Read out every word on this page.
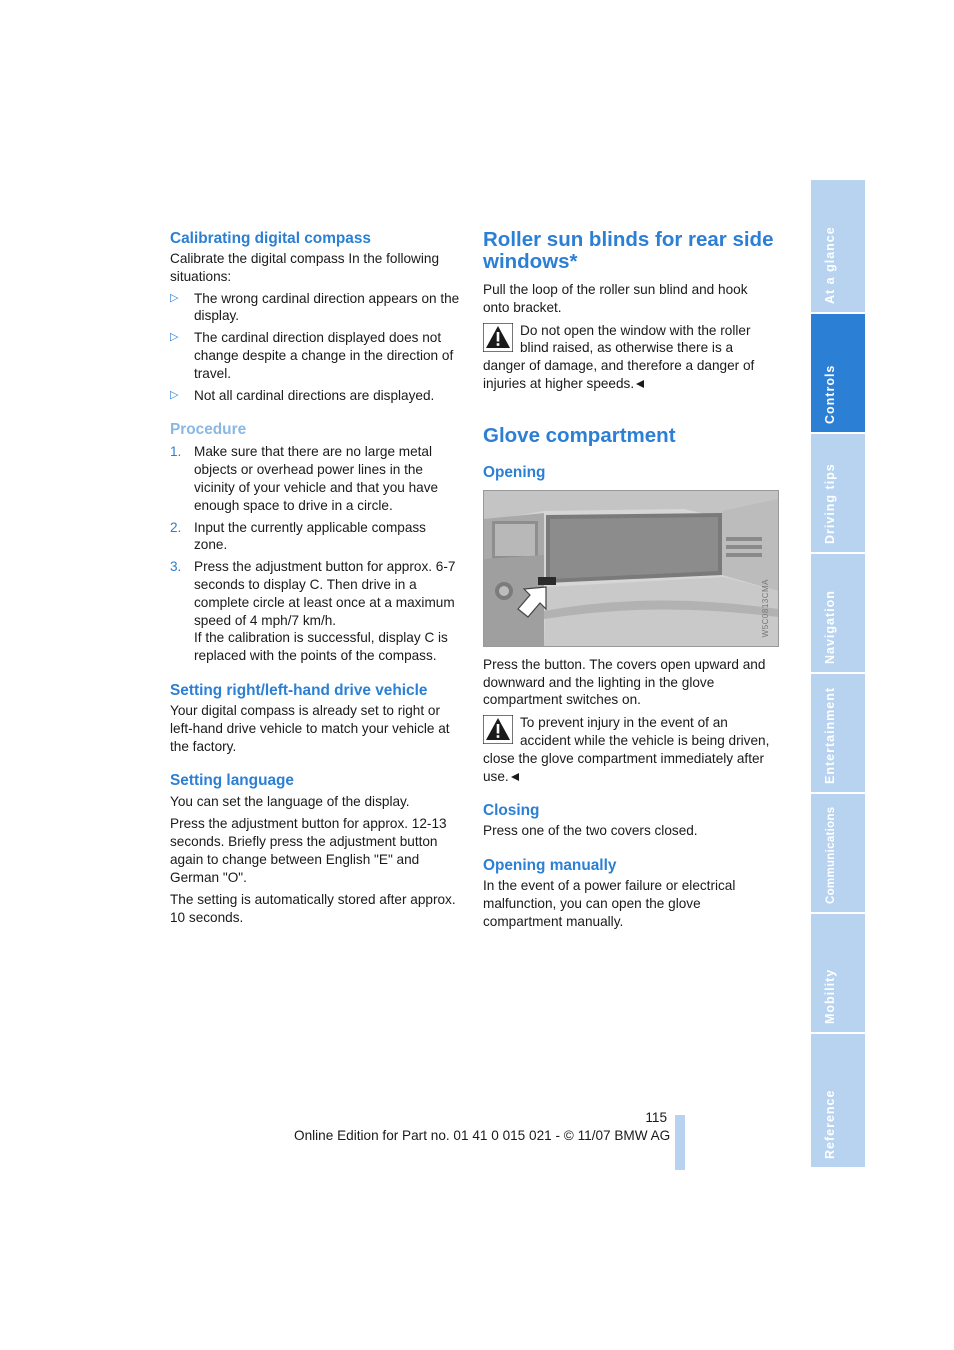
Calibrating digital compass

Calibrate the digital compass In the following situations:

▷ The wrong cardinal direction appears on the display.
▷ The cardinal direction displayed does not change despite a change in the direction of travel.
▷ Not all cardinal directions are displayed.
Procedure
1. Make sure that there are no large metal objects or overhead power lines in the vicinity of your vehicle and that you have enough space to drive in a circle.
2. Input the currently applicable compass zone.
3. Press the adjustment button for approx. 6-7 seconds to display C. Then drive in a complete circle at least once at a maximum speed of 4 mph/7 km/h.
If the calibration is successful, display C is replaced with the points of the compass.
Setting right/left-hand drive vehicle

Your digital compass is already set to right or left-hand drive vehicle to match your vehicle at the factory.

Setting language

You can set the language of the display.

Press the adjustment button for approx. 12-13 seconds. Briefly press the adjustment button again to change between English "E" and German "O".

The setting is automatically stored after approx. 10 seconds.

Roller sun blinds for rear side windows*

Pull the loop of the roller sun blind and hook onto bracket.

Do not open the window with the roller blind raised, as otherwise there is a danger of damage, and therefore a danger of injuries at higher speeds.
Glove compartment
Opening
W5C0813CMA

Press the button. The covers open upward and downward and the lighting in the glove compartment switches on.

To prevent injury in the event of an accident while the vehicle is being driven, close the glove compartment immediately after use.
Closing

Press one of the two covers closed.

Opening manually

In the event of a power failure or electrical malfunction, you can open the glove compartment manually.

At a glance
Controls
Driving tips
Navigation
Entertainment
Communications
Mobility
Reference
115
Online Edition for Part no. 01 41 0 015 021 - © 11/07 BMW AG
